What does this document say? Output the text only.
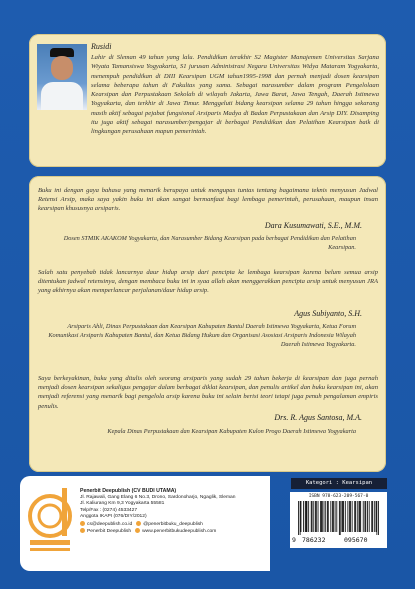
Rusidi
Lahir di Sleman 49 tahun yang lalu. Pendidikan terakhir S2 Magister Manajemen Universitas Sarjana Wiyata Tamansiswa Yogyakarta, S1 jurusan Administrasi Negara Universitas Widya Mataram Yogyakarta, menempuh pendidikan di DIII Kearsipan UGM tahun1995-1998 dan pernah menjadi dosen kearsipan selama beberapa tahun di Fakultas yang sama. Sebagai narasumber dalam program Pengelolaan Kearsipan dan Perpustakaan Sekolah di wilayah Jakarta, Jawa Barat, Jawa Tengah, Daerah Istimewa Yogyakarta, dan terkhir di Jawa Timur. Menggeluti bidang kearsipan selama 29 tahun hingga sekarang masih aktif sebagai pejabat fungsional Arsiparis Madya di Badan Perpustakaan dan Arsip DIY. Disamping itu juga aktif sebagai narasumber/pengajar di berbagai Pendidikan dan Pelatihan Kearsipan baik di lingkungan perusahaan mapun pemerintah.
Buku ini dengan gaya bahasa yang menarik berupaya untuk mengupas tuntas tentang bagaimana teknis menyusun Jadwal Retensi Arsip, maka saya yakin buku ini akan sangat bermanfaat bagi lembaga pemerintah, perusahaan, maupun insan kearsipan khususnya arsiparis.
Dara Kusumawati, S.E., M.M.
Dosen STMIK AKAKOM Yogyakarta, dan Narasumber Bidang Kearsipan pada berbagai Pendidikan dan Pelatihan Kearsipan.
Salah satu penyebab tidak lancarnya daur hidup arsip dari pencipta ke lembaga kearsipan karena belum semua arsip ditentukan jadwal retensinya, dengan membaca buku ini in syaa allah akan menggerakkan pencipta arsip untuk menyusun JRA yang akhirnya akan memperlancar perjalanan/daur hidup arsip.
Agus Subiyanto, S.H.
Arsiparis Ahli, Dinas Perpustakaan dan Kearsipan Kabupaten Bantul Daerah Istimewa Yogyakarta, Ketua Forum Komunikasi Arsiparis Kabupaten Bantul, dan Ketua Bidang Hukum dan Organisasi Asosiasi Arsiparis Indonesia Wilayah Daerah Istimewa Yogyakarta.
Saya berkeyakinan, buku yang ditulis oleh seorang arsiparis yang sudah 29 tahun bekerja di kearsipan dan juga pernah menjadi dosen kearsipan sekaligus pengajar dalam berbagai diklat kearsipan, dan penulis artikel dan buku kearsipan ini, akan menjadi referensi yang menarik bagi pengelola arsip karena buku ini selain berisi teori tetapi juga penuh pengalaman empiris penulis.
Drs. R. Agus Santosa, M.A.
Kepala Dinas Perpustakaan dan Kearsipan Kabupaten Kulon Progo Daerah Istimewa Yogyakarta
Penerbit Deepublish (CV BUDI UTAMA)
Jl. Rajawali, Gang Elang 6 No.3, Drono, Sardonoharjo, Ngaglik, Sleman
Jl. Kaliurang Km 9,3 Yogyakarta 55581
Telp/Fax : (0274) 4533427
Anggota IKAPI (076/DIY/2012)
cs@deepublish.co.id @penerbitbuku_deepublish
Penerbit Deepublish www.penerbitbukudeepublish.com
Kategori : Kearsipan
ISBN 978-623-209-567-0
9 786232	095670
